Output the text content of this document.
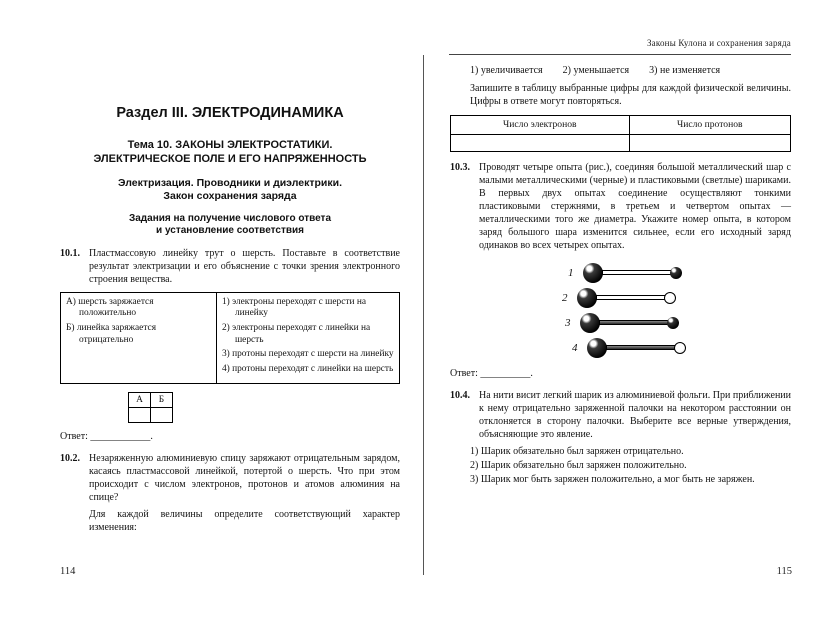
Законы Кулона и сохранения заряда
Раздел III. ЭЛЕКТРОДИНАМИКА
Тема 10. ЗАКОНЫ ЭЛЕКТРОСТАТИКИ.
ЭЛЕКТРИЧЕСКОЕ ПОЛЕ И ЕГО НАПРЯЖЕННОСТЬ
Электризация. Проводники и диэлектрики.
Закон сохранения заряда
Задания на получение числового ответа
и установление соответствия
10.1. Пластмассовую линейку трут о шерсть. Поставьте в соответствие результат электризации и его объяснение с точки зрения электронного строения вещества.

А) шерсть заряжается положительно

Б) линейка заряжается отрицательно

1) электроны переходят с шерсти на линейку

2) электроны переходят с линейки на шерсть

3) протоны переходят с шерсти на линейку

4) протоны переходят с линейки на шерсть

А	Б

Ответ: ____________.
10.2. Незаряженную алюминиевую спицу заряжают отрицательным зарядом, касаясь пластмассовой линейкой, потертой о шерсть. Что при этом происходит с числом электронов, протонов и атомов алюминия на спице?

Для каждой величины определите соответствующий характер изменения:

1) увеличивается 2) уменьшается 3) не изменяется

Запишите в таблицу выбранные цифры для каждой физической величины. Цифры в ответе могут повторяться.

Число электронов	Число протонов

10.3. Проводят четыре опыта (рис.), соединяя большой металлический шар с малыми металлическими (черные) и пластиковыми (светлые) шариками. В первых двух опытах соединение осуществляют тонкими пластиковыми стержнями, в третьем и четвертом опытах — металлическими того же диаметра. Укажите номер опыта, в котором заряд большого шара изменится сильнее, если его исходный заряд одинаков во всех четырех опытах.

1
2
3
4
Ответ: __________.
10.4. На нити висит легкий шарик из алюминиевой фольги. При приближении к нему отрицательно заряженной палочки на некотором расстоянии он отклоняется в сторону палочки. Выберите все верные утверждения, объясняющие это явление.

1) Шарик обязательно был заряжен отрицательно.

2) Шарик обязательно был заряжен положительно.

3) Шарик мог быть заряжен положительно, а мог быть не заряжен.

114	115
